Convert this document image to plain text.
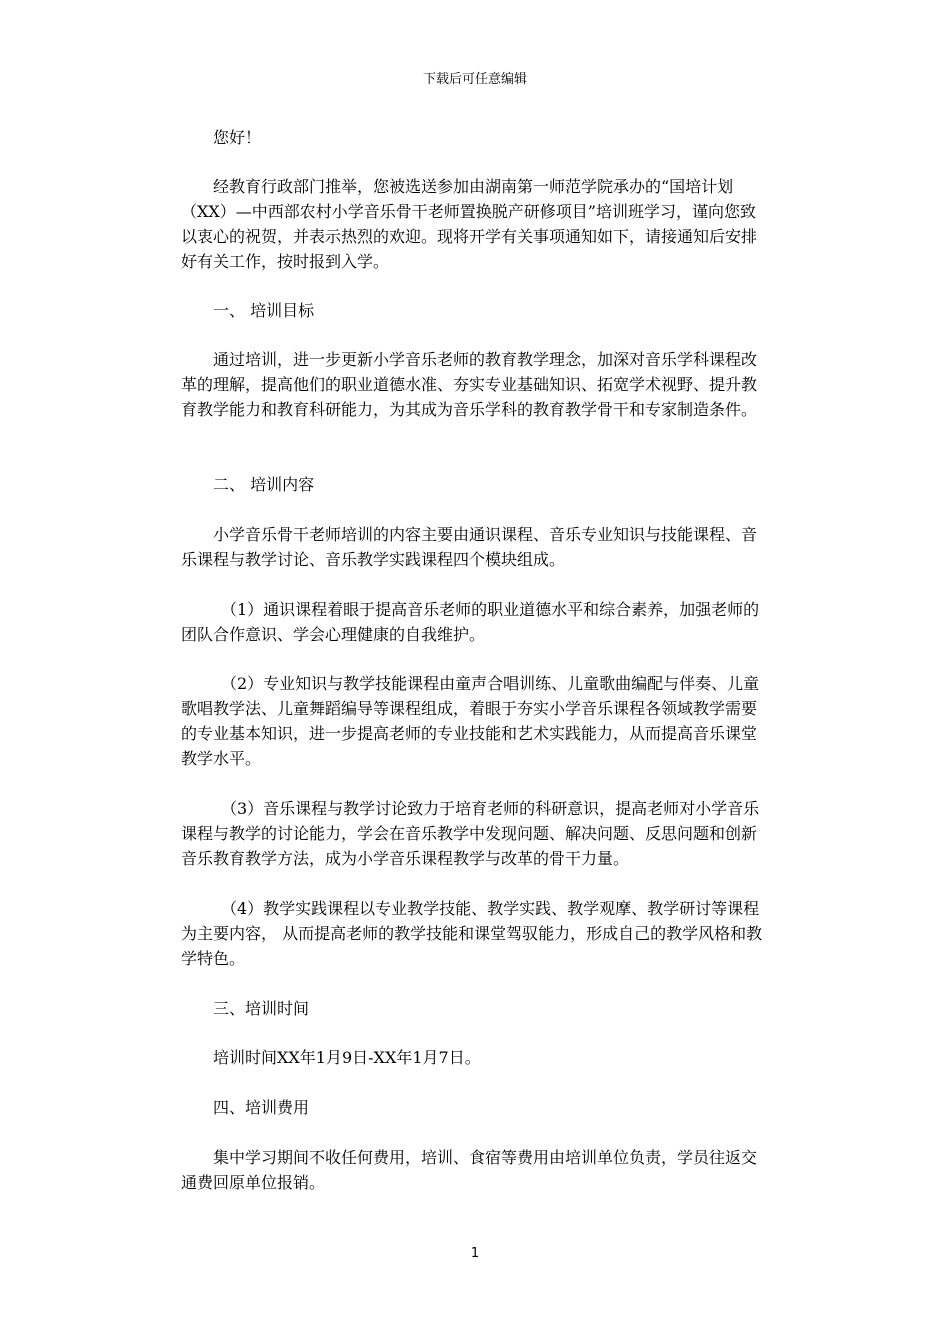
下载后可任意编辑

您好！

经教育行政部门推举，您被选送参加由湖南第一师范学院承办的“国培计划（XX）—中西部农村小学音乐骨干老师置换脱产研修项目”培训班学习，谨向您致以衷心的祝贺，并表示热烈的欢迎。现将开学有关事项通知如下，请接通知后安排好有关工作，按时报到入学。

一、 培训目标

通过培训，进一步更新小学音乐老师的教育教学理念，加深对音乐学科课程改革的理解，提高他们的职业道德水准、夯实专业基础知识、拓宽学术视野、提升教育教学能力和教育科研能力，为其成为音乐学科的教育教学骨干和专家制造条件。

二、 培训内容

小学音乐骨干老师培训的内容主要由通识课程、音乐专业知识与技能课程、音乐课程与教学讨论、音乐教学实践课程四个模块组成。

（1）通识课程着眼于提高音乐老师的职业道德水平和综合素养，加强老师的团队合作意识、学会心理健康的自我维护。

（2）专业知识与教学技能课程由童声合唱训练、儿童歌曲编配与伴奏、儿童歌唱教学法、儿童舞蹈编导等课程组成，着眼于夯实小学音乐课程各领域教学需要的专业基本知识，进一步提高老师的专业技能和艺术实践能力，从而提高音乐课堂教学水平。

（3）音乐课程与教学讨论致力于培育老师的科研意识，提高老师对小学音乐课程与教学的讨论能力，学会在音乐教学中发现问题、解决问题、反思问题和创新音乐教育教学方法，成为小学音乐课程教学与改革的骨干力量。

（4）教学实践课程以专业教学技能、教学实践、教学观摩、教学研讨等课程为主要内容， 从而提高老师的教学技能和课堂驾驭能力，形成自己的教学风格和教学特色。

三、培训时间

培训时间XX年1月9日-XX年1月7日。

四、培训费用

集中学习期间不收任何费用，培训、食宿等费用由培训单位负责，学员往返交通费回原单位报销。

1
